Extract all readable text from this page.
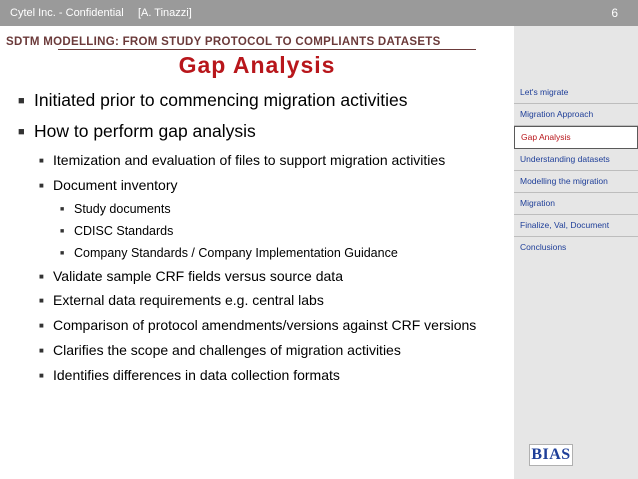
Cytel Inc. - Confidential [A. Tinazzi]	6
SDTM MODELLING: FROM STUDY PROTOCOL TO COMPLIANTS DATASETS
Gap Analysis
■ Initiated prior to commencing migration activities
■ How to perform gap analysis
■ Itemization and evaluation of files to support migration activities
■ Document inventory
■ Study documents
■ CDISC Standards
■ Company Standards / Company Implementation Guidance
■ Validate sample CRF fields versus source data
■ External data requirements e.g. central labs
■ Comparison of protocol amendments/versions against CRF versions
■ Clarifies the scope and challenges of migration activities
■ Identifies differences in data collection formats
Let's migrate
Migration Approach
Gap Analysis
Understanding datasets
Modelling the migration
Migration
Finalize, Val, Document
Conclusions
BIAS
